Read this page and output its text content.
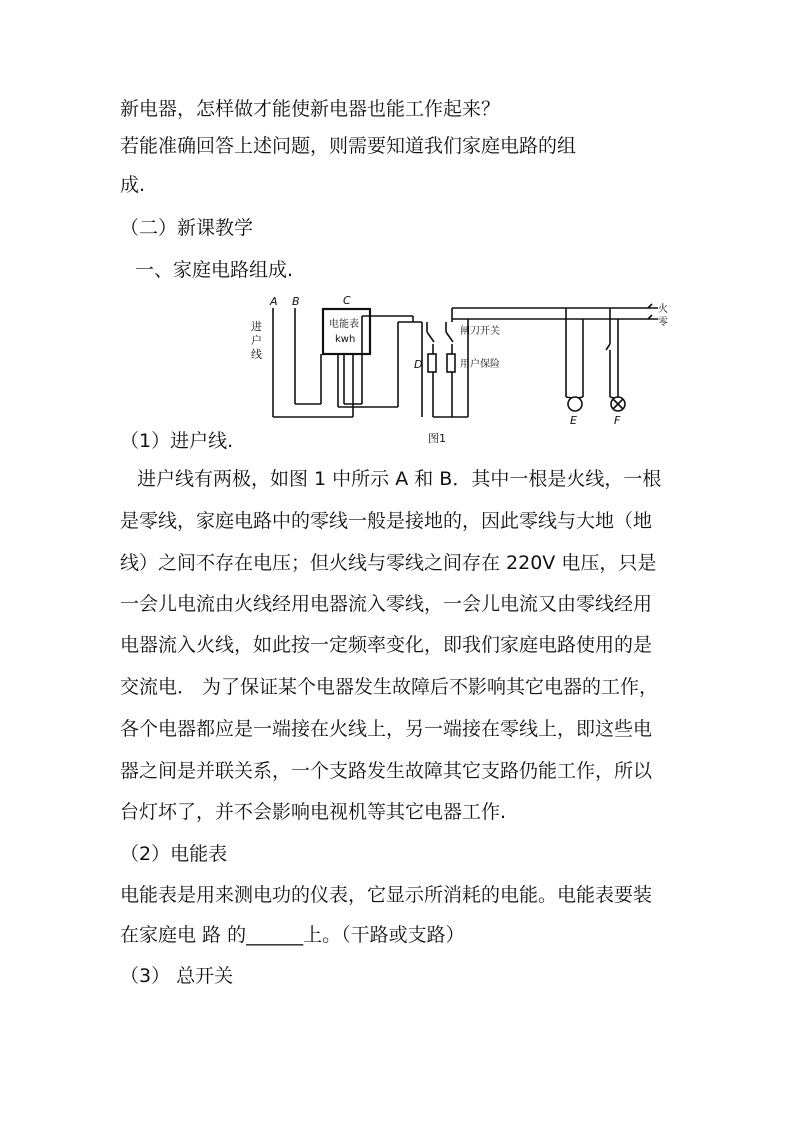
新电器，怎样做才能使新电器也能工作起来？
若能准确回答上述问题，则需要知道我们家庭电路的组
成.
（二）新课教学
一、家庭电路组成.
A B	C
D
E	F
进
户
线
电能表
kwh
闸刀开关
用户保险
火
零
图1
（1）进户线.
进户线有两极，如图 1 中所示 A 和 B．其中一根是火线，一根
是零线，家庭电路中的零线一般是接地的，因此零线与大地（地
线）之间不存在电压；但火线与零线之间存在 220V 电压，只是
一会儿电流由火线经用电器流入零线，一会儿电流又由零线经用
电器流入火线，如此按一定频率变化，即我们家庭电路使用的是
交流电． 为了保证某个电器发生故障后不影响其它电器的工作，
各个电器都应是一端接在火线上，另一端接在零线上，即这些电
器之间是并联关系，一个支路发生故障其它支路仍能工作，所以
台灯坏了，并不会影响电视机等其它电器工作.
（2）电能表
电能表是用来测电功的仪表，它显示所消耗的电能。电能表要装
在家庭电 路 的______上。（干路或支路）
（3） 总开关
